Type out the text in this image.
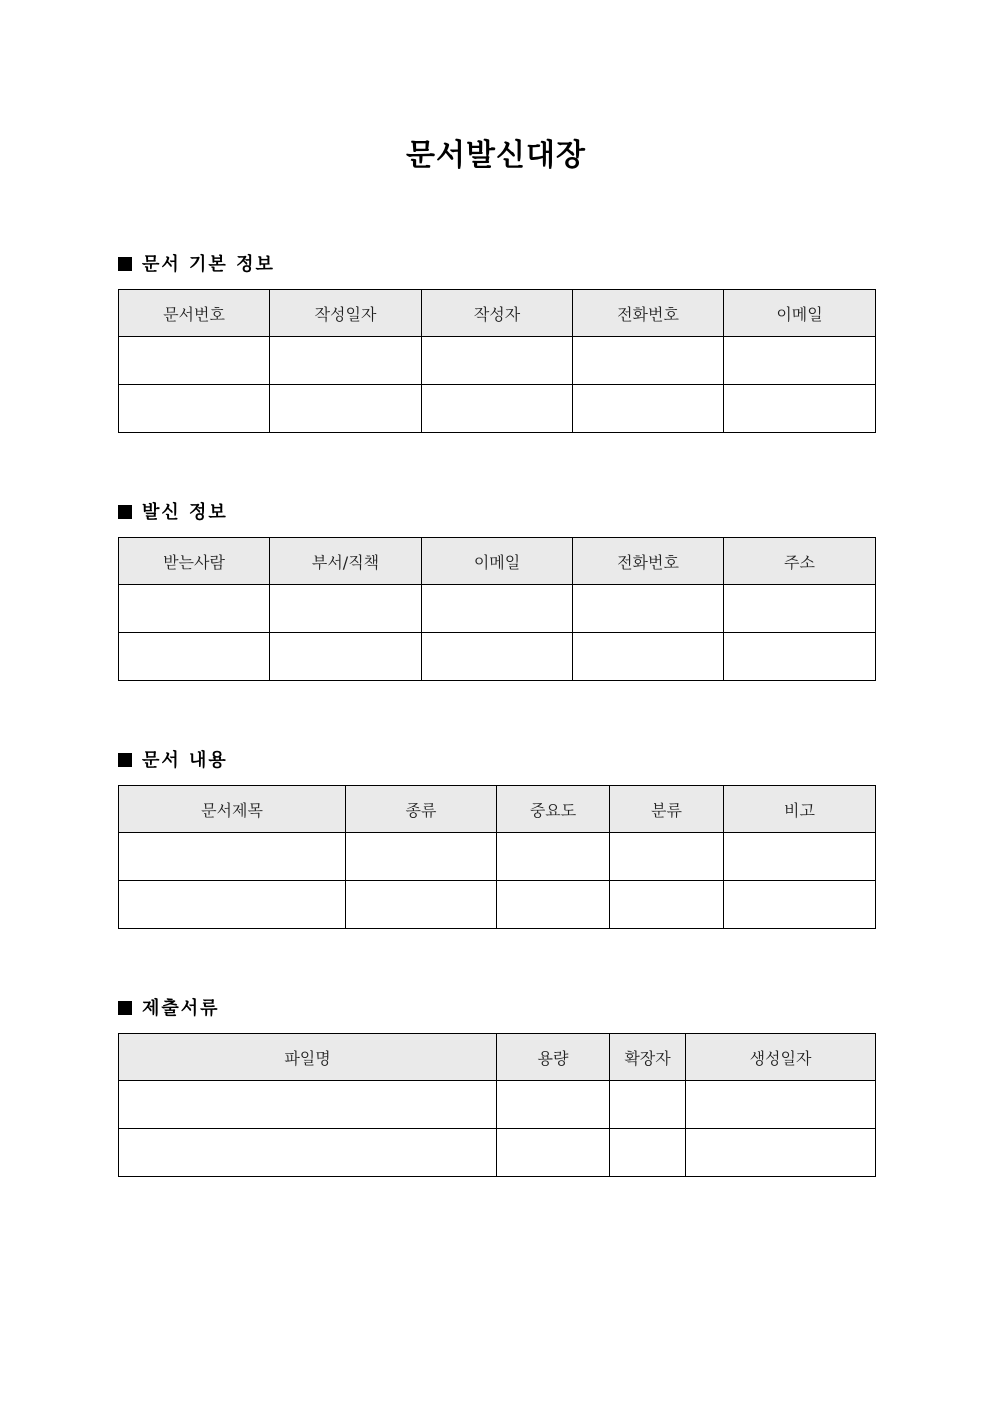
문서발신대장
문서 기본 정보
문서번호	작성일자	작성자	전화번호	이메일

발신 정보
받는사람	부서/직책	이메일	전화번호	주소

문서 내용
문서제목	종류	중요도	분류	비고

제출서류
파일명	용량	확장자	생성일자
